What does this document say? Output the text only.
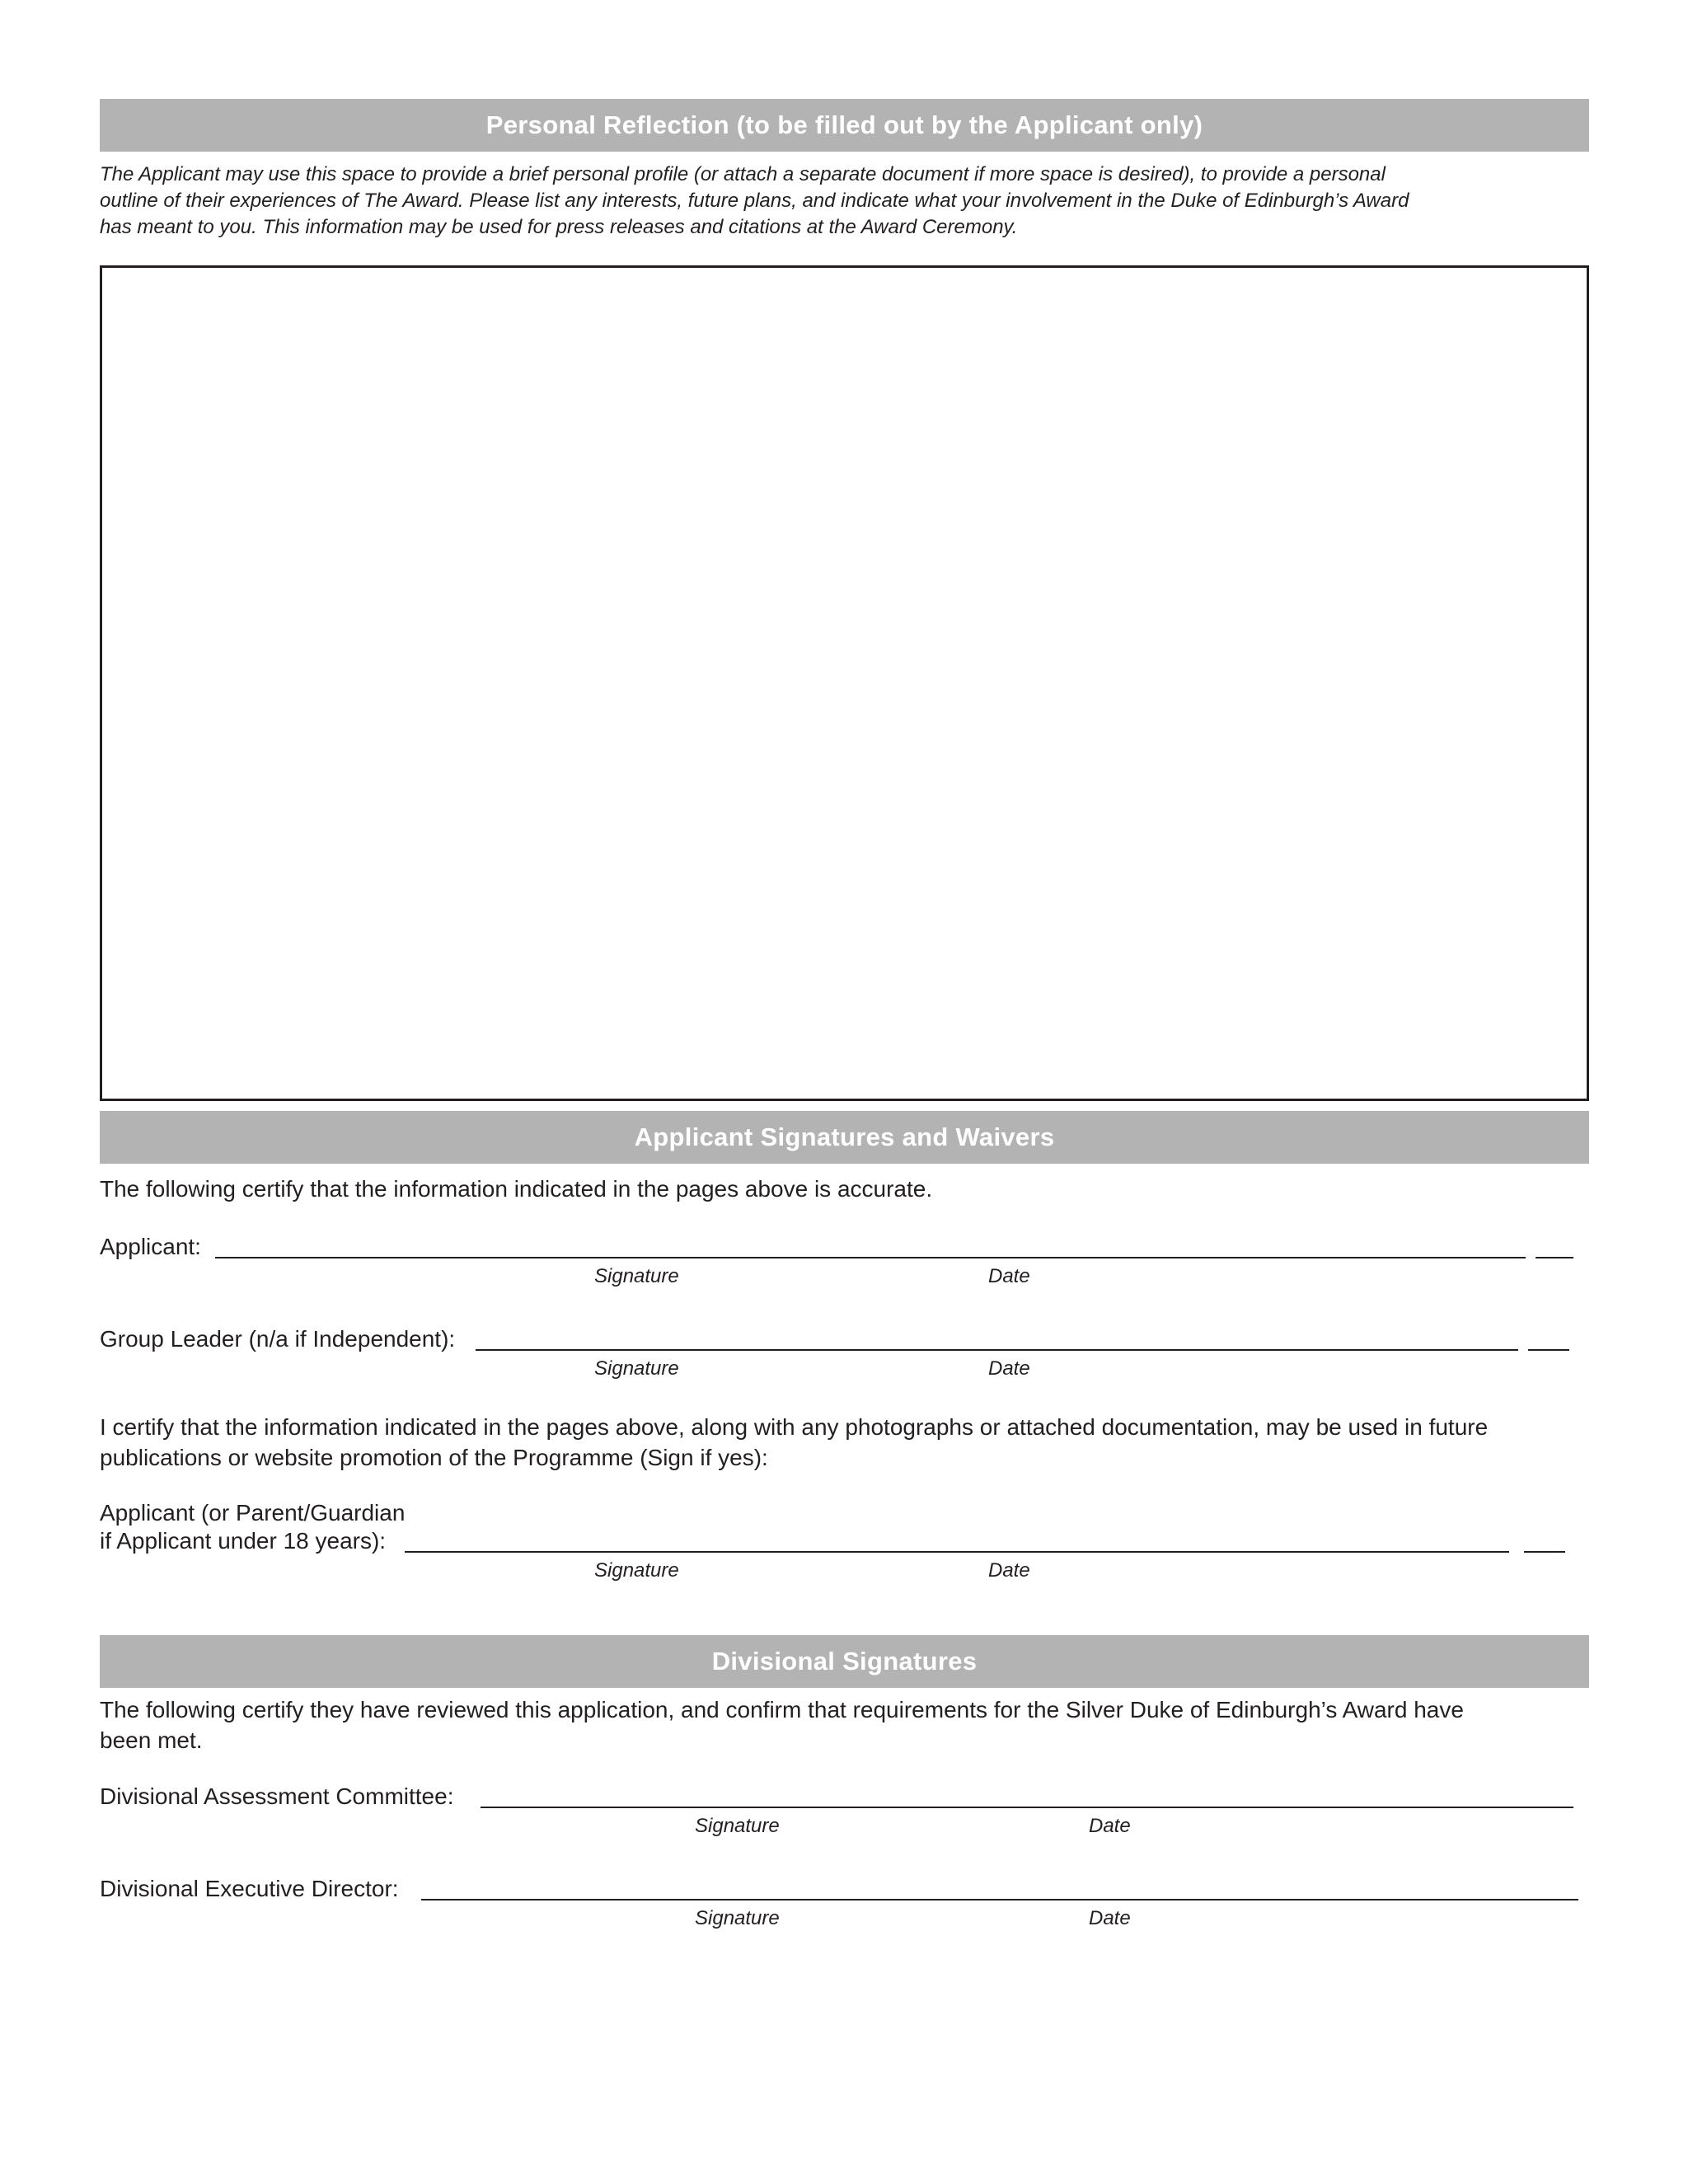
Personal Reflection (to be filled out by the Applicant only)
The Applicant may use this space to provide a brief personal profile (or attach a separate document if more space is desired), to provide a personal
outline of their experiences of The Award. Please list any interests, future plans, and indicate what your involvement in the Duke of Edinburgh’s Award
has meant to you. This information may be used for press releases and citations at the Award Ceremony.
Applicant Signatures and Waivers
The following certify that the information indicated in the pages above is accurate.
Applicant:
Signature	Date
Group Leader (n/a if Independent):
Signature	Date
I certify that the information indicated in the pages above, along with any photographs or attached documentation, may be used in future
publications or website promotion of the Programme (Sign if yes):
Applicant (or Parent/Guardian
if Applicant under 18 years):
Signature	Date
Divisional Signatures
The following certify they have reviewed this application, and confirm that requirements for the Silver Duke of Edinburgh’s Award have
been met.
Divisional Assessment Committee:
Signature	Date
Divisional Executive Director:
Signature	Date
